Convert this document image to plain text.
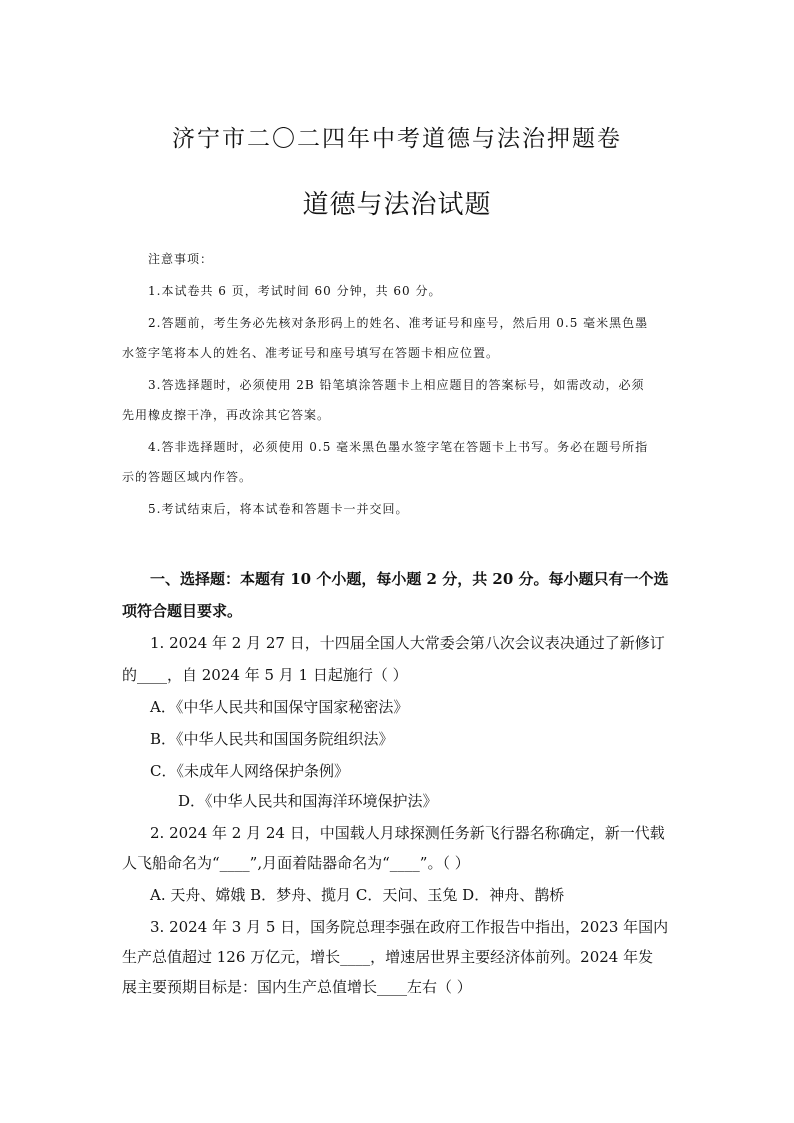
济宁市二〇二四年中考道德与法治押题卷
道德与法治试题
注意事项：
1.本试卷共 6 页，考试时间 60 分钟，共 60 分。
2.答题前，考生务必先核对条形码上的姓名、准考证号和座号，然后用 0.5 毫米黑色墨
水签字笔将本人的姓名、准考证号和座号填写在答题卡相应位置。
3.答选择题时，必须使用 2B 铅笔填涂答题卡上相应题目的答案标号，如需改动，必须
先用橡皮擦干净，再改涂其它答案。
4.答非选择题时，必须使用 0.5 毫米黑色墨水签字笔在答题卡上书写。务必在题号所指
示的答题区域内作答。
5.考试结束后，将本试卷和答题卡一并交回。
一、选择题：本题有 10 个小题，每小题 2 分，共 20 分。每小题只有一个选
项符合题目要求。
1. 2024 年 2 月 27 日，十四届全国人大常委会第八次会议表决通过了新修订
的____，自 2024 年 5 月 1 日起施行（ ）
A．《中华人民共和国保守国家秘密法》
B．《中华人民共和国国务院组织法》
C．《未成年人网络保护条例》
D．《中华人民共和国海洋环境保护法》
2. 2024 年 2 月 24 日，中国载人月球探测任务新飞行器名称确定，新一代载
人飞船命名为“____”,月面着陆器命名为“____”。（ ）
A. 天舟、嫦娥 B．梦舟、揽月 C．天问、玉兔 D．神舟、鹊桥
3. 2024 年 3 月 5 日，国务院总理李强在政府工作报告中指出，2023 年国内
生产总值超过 126 万亿元，增长____，增速居世界主要经济体前列。2024 年发
展主要预期目标是：国内生产总值增长____左右（ ）
